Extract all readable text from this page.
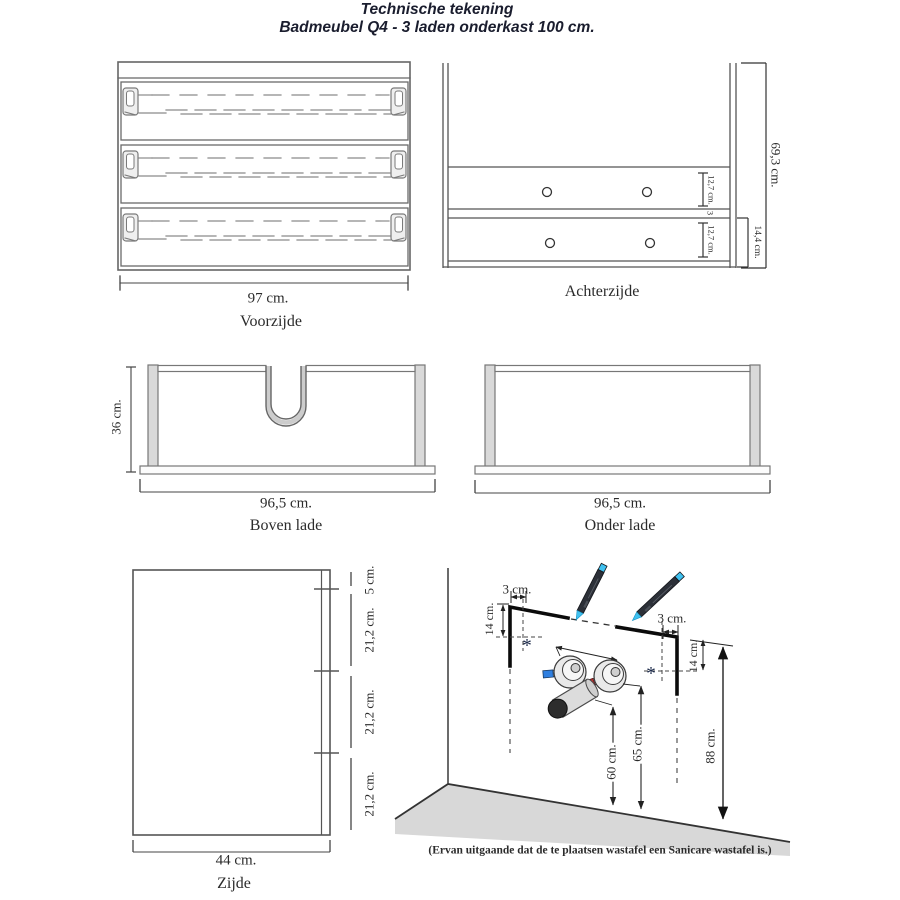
Technische tekening
Badmeubel Q4 - 3 laden onderkast 100 cm.
97 cm.
Voorzijde
69,3 cm.
12,7 cm.
3
12,7 cm.	14,4 cm.
Achterzijde
36 cm.
96,5 cm.
Boven lade
96,5 cm.
Onder lade
5 cm.
21,2 cm.
21,2 cm.
21,2 cm.
44 cm.
Zijde
3 cm.
3 cm.
14 cm.
14 cm.
60 cm.
65 cm.	88 cm.
*
*
(Ervan uitgaande dat de te plaatsen wastafel een Sanicare wastafel is.)
